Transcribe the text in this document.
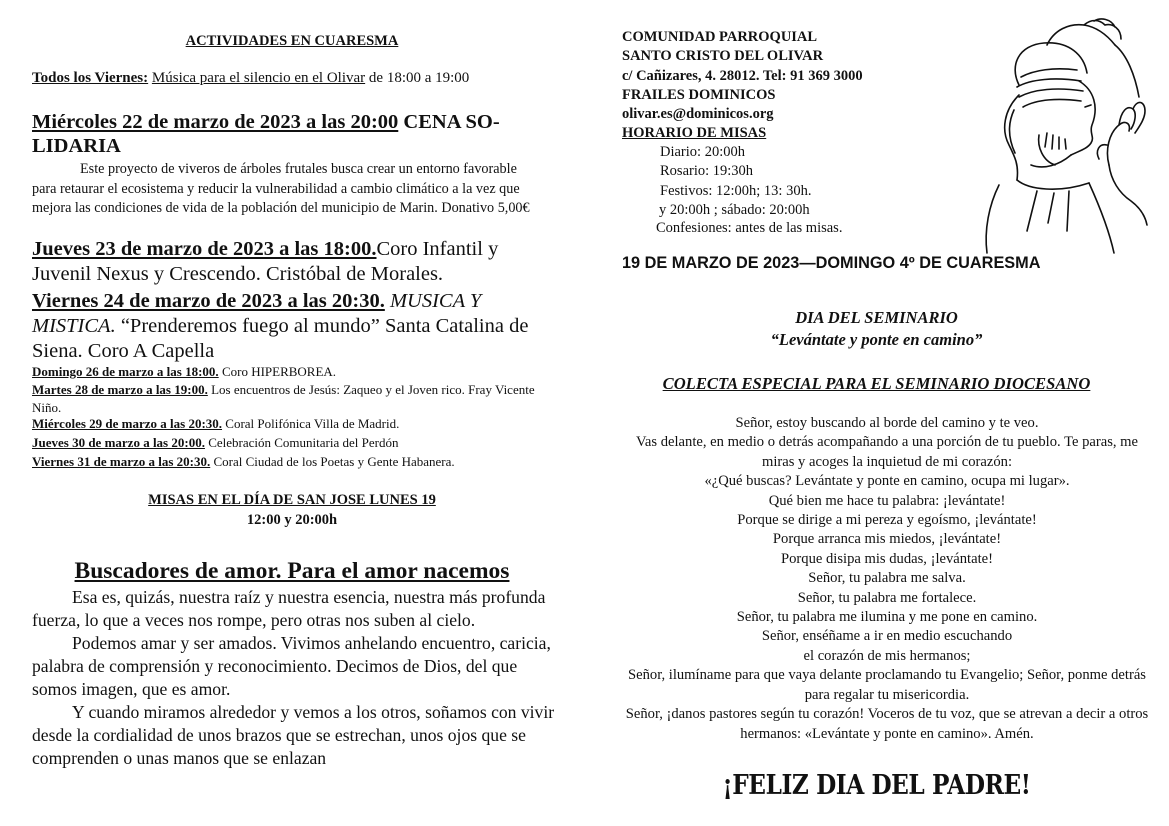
ACTIVIDADES EN CUARESMA
Todos los Viernes: Música para el silencio en el Olivar de 18:00 a 19:00
Miércoles 22 de marzo de 2023 a las 20:00 CENA SO-LIDARIA
Este proyecto de viveros de árboles frutales busca crear un entorno favorable para retaurar el ecosistema y reducir la vulnerabilidad a cambio climático a la vez que mejora las condiciones de vida de la población del municipio de Marin. Donativo 5,00€
Jueves 23 de marzo de 2023 a las 18:00.Coro Infantil y Juvenil Nexus y Crescendo. Cristóbal de Morales.
Viernes 24 de marzo de 2023 a las 20:30. MUSICA Y MISTICA. “Prenderemos fuego al mundo” Santa Catalina de Siena. Coro A Capella
Domingo 26 de marzo a las 18:00. Coro HIPERBOREA.
Martes 28 de marzo a las 19:00. Los encuentros de Jesús: Zaqueo y el Joven rico. Fray Vicente Niño.
Miércoles 29 de marzo a las 20:30. Coral Polifónica Villa de Madrid.
Jueves 30 de marzo a las 20:00. Celebración Comunitaria del Perdón
Viernes 31 de marzo a las 20:30. Coral Ciudad de los Poetas y Gente Habanera.
MISAS EN EL DÍA DE SAN JOSE LUNES 19
12:00 y 20:00h
Buscadores de amor. Para el amor nacemos

Esa es, quizás, nuestra raíz y nuestra esencia, nuestra más profunda fuerza, lo que a veces nos rompe, pero otras nos suben al cielo.

Podemos amar y ser amados. Vivimos anhelando encuentro, caricia, palabra de comprensión y reconocimiento. Decimos de Dios, del que somos imagen, que es amor.

Y cuando miramos alrededor y vemos a los otros, soñamos con vivir desde la cordialidad de unos brazos que se estrechan, unos ojos que se comprenden o unas manos que se enlazan

COMUNIDAD PARROQUIAL
SANTO CRISTO DEL OLIVAR
c/ Cañizares, 4. 28012. Tel: 91 369 3000
FRAILES DOMINICOS
olivar.es@dominicos.org
HORARIO DE MISAS
Diario: 20:00h
Rosario: 19:30h
Festivos: 12:00h; 13: 30h.
y 20:00h ; sábado: 20:00h
Confesiones: antes de las misas.
19 DE MARZO DE 2023—DOMINGO 4º DE CUARESMA
DIA DEL SEMINARIO
“Levántate y ponte en camino”
COLECTA ESPECIAL PARA EL SEMINARIO DIOCESANO
Señor, estoy buscando al borde del camino y te veo.
Vas delante, en medio o detrás acompañando a una porción de tu pueblo. Te paras, me miras y acoges la inquietud de mi corazón:
«¿Qué buscas? Levántate y ponte en camino, ocupa mi lugar».
Qué bien me hace tu palabra: ¡levántate!
Porque se dirige a mi pereza y egoísmo, ¡levántate!
Porque arranca mis miedos, ¡levántate!
Porque disipa mis dudas, ¡levántate!
Señor, tu palabra me salva.
Señor, tu palabra me fortalece.
Señor, tu palabra me ilumina y me pone en camino.
Señor, enséñame a ir en medio escuchando
el corazón de mis hermanos;
Señor, ilumíname para que vaya delante proclamando tu Evangelio; Señor, ponme detrás para regalar tu misericordia.
Señor, ¡danos pastores según tu corazón! Voceros de tu voz, que se atrevan a decir a otros hermanos: «Levántate y ponte en camino». Amén.
¡FELIZ DIA DEL PADRE!
